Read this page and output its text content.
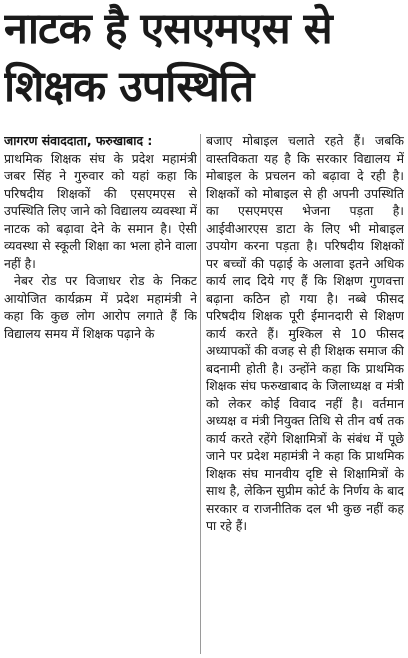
नाटक है एसएमएस से
शिक्षक उपस्थिति

जागरण संवाददाता, फरुखाबाद :
प्राथमिक शिक्षक संघ के प्रदेश महामंत्री जबर सिंह ने गुरुवार को यहां कहा कि परिषदीय शिक्षकों की एसएमएस से उपस्थिति लिए जाने को विद्यालय व्यवस्था में नाटक को बढ़ावा देने के समान है। ऐसी व्यवस्था से स्कूली शिक्षा का भला होने वाला नहीं है।

नेबर रोड पर विजाधर रोड के निकट आयोजित कार्यक्रम में प्रदेश महामंत्री ने कहा कि कुछ लोग आरोप लगाते हैं कि विद्यालय समय में शिक्षक पढ़ाने के

बजाए मोबाइल चलाते रहते हैं। जबकि वास्तविकता यह है कि सरकार विद्यालय में मोबाइल के प्रचलन को बढ़ावा दे रही है। शिक्षकों को मोबाइल से ही अपनी उपस्थिति का एसएमएस भेजना पड़ता है। आईवीआरएस डाटा के लिए भी मोबाइल उपयोग करना पड़ता है। परिषदीय शिक्षकों पर बच्चों की पढ़ाई के अलावा इतने अधिक कार्य लाद दिये गए हैं कि शिक्षण गुणवत्ता बढ़ाना कठिन हो गया है। नब्बे फीसद परिषदीय शिक्षक पूरी ईमानदारी से शिक्षण कार्य करते हैं। मुश्किल से 10 फीसद अध्यापकों की वजह से ही शिक्षक समाज की बदनामी होती है। उन्होंने कहा कि प्राथमिक शिक्षक संघ फरुखाबाद के जिलाध्यक्ष व मंत्री को लेकर कोई विवाद नहीं है। वर्तमान अध्यक्ष व मंत्री नियुक्त तिथि से तीन वर्ष तक कार्य करते रहेंगे शिक्षामित्रों के संबंध में पूछे जाने पर प्रदेश महामंत्री ने कहा कि प्राथमिक शिक्षक संघ मानवीय दृष्टि से शिक्षामित्रों के साथ है, लेकिन सुप्रीम कोर्ट के निर्णय के बाद सरकार व राजनीतिक दल भी कुछ नहीं कह पा रहे हैं।
